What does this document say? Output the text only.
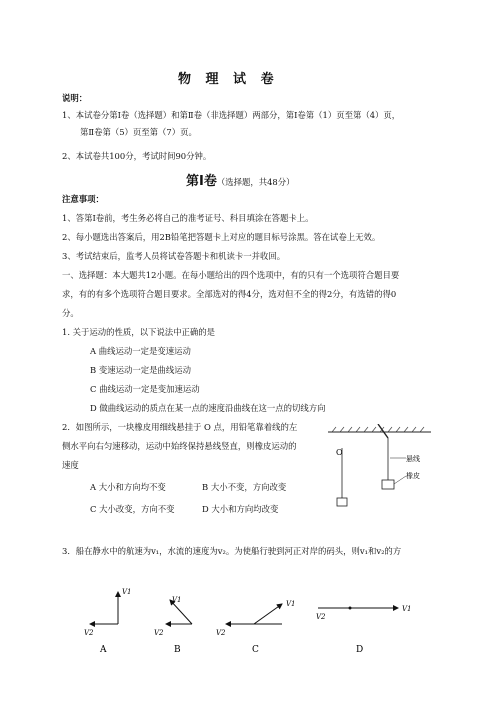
物 理 试 卷
说明：
1、本试卷分第Ⅰ卷（选择题）和第Ⅱ卷（非选择题）两部分，第Ⅰ卷第（1）页至第（4）页，
第Ⅱ卷第（5）页至第（7）页。
2、本试卷共100分，考试时间90分钟。
第Ⅰ卷（选择题，共48分）
注意事项：
1、答第Ⅰ卷前，考生务必将自己的准考证号、科目填涂在答题卡上。
2、每小题选出答案后，用2B铅笔把答题卡上对应的题目标号涂黑。答在试卷上无效。
3、考试结束后，监考人员将试卷答题卡和机读卡一并收回。
一、选择题：本大题共12小题。在每小题给出的四个选项中，有的只有一个选项符合题目要
求，有的有多个选项符合题目要求。全部选对的得4分，选对但不全的得2分，有选错的得0
分。
1. 关于运动的性质，以下说法中正确的是
A 曲线运动一定是变速运动
B 变速运动一定是曲线运动
C 曲线运动一定是变加速运动
D 做曲线运动的质点在某一点的速度沿曲线在这一点的切线方向
2．如图所示，一块橡皮用细线悬挂于 O 点，用铅笔靠着线的左
侧水平向右匀速移动，运动中始终保持悬线竖直，则橡皮运动的
速度
A 大小和方向均不变	B 大小不变，方向改变
C 大小改变，方向不变	D 大小和方向均改变
O
悬线
橡皮
3．船在静水中的航速为v₁，水流的速度为v₂。为使船行驶到河正对岸的码头，则v₁和v₂的方
V1
V2
A
V1
V2
B
V1
V2
C
V1
V2
D
